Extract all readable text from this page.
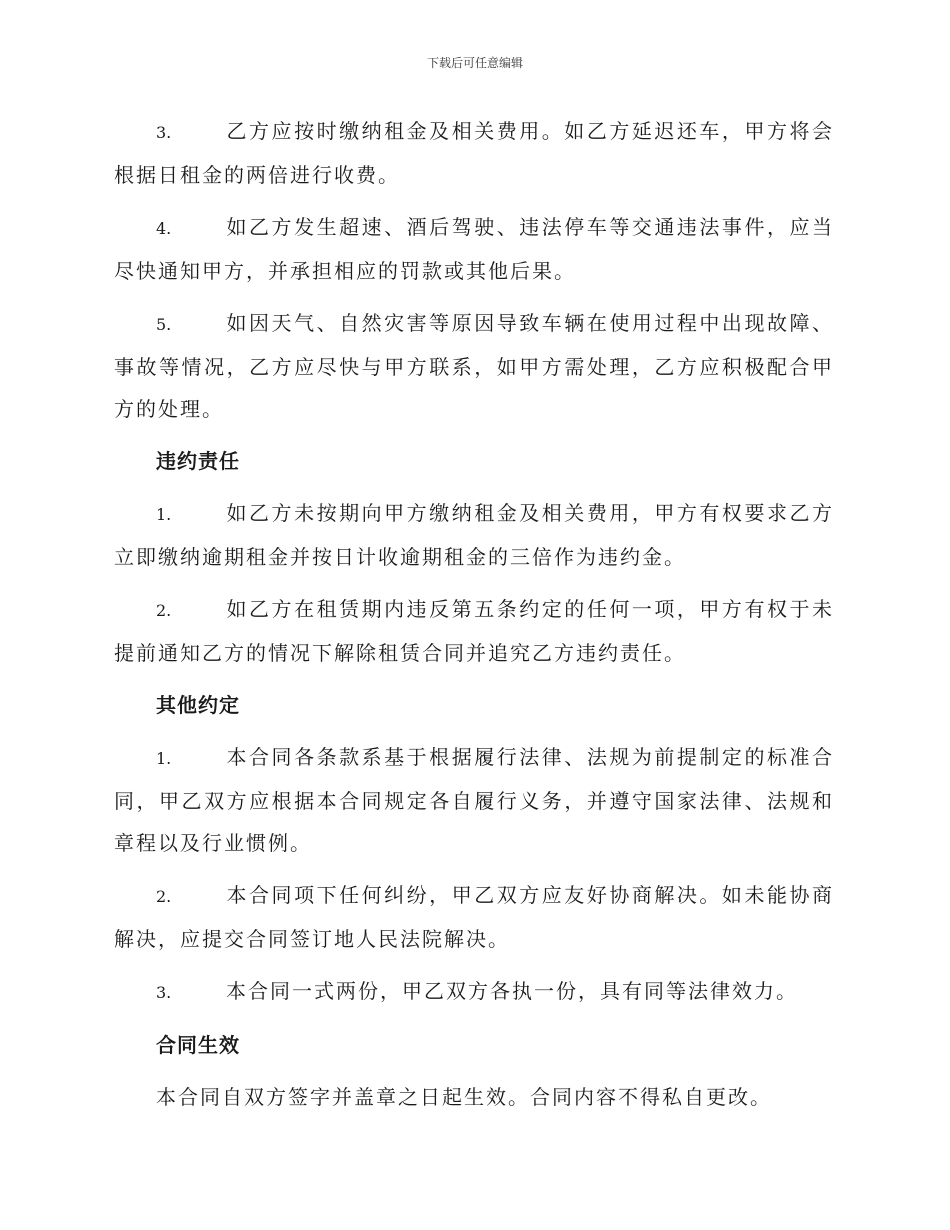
下载后可任意编辑

3.	乙方应按时缴纳租金及相关费用。如乙方延迟还车，甲方将会根据日租金的两倍进行收费。

4.	如乙方发生超速、酒后驾驶、违法停车等交通违法事件，应当尽快通知甲方，并承担相应的罚款或其他后果。

5.	如因天气、自然灾害等原因导致车辆在使用过程中出现故障、事故等情况，乙方应尽快与甲方联系，如甲方需处理，乙方应积极配合甲方的处理。

违约责任

1.	如乙方未按期向甲方缴纳租金及相关费用，甲方有权要求乙方立即缴纳逾期租金并按日计收逾期租金的三倍作为违约金。

2.	如乙方在租赁期内违反第五条约定的任何一项，甲方有权于未提前通知乙方的情况下解除租赁合同并追究乙方违约责任。

其他约定

1.	本合同各条款系基于根据履行法律、法规为前提制定的标准合同，甲乙双方应根据本合同规定各自履行义务，并遵守国家法律、法规和章程以及行业惯例。

2.	本合同项下任何纠纷，甲乙双方应友好协商解决。如未能协商解决，应提交合同签订地人民法院解决。

3.	本合同一式两份，甲乙双方各执一份，具有同等法律效力。

合同生效

本合同自双方签字并盖章之日起生效。合同内容不得私自更改。
